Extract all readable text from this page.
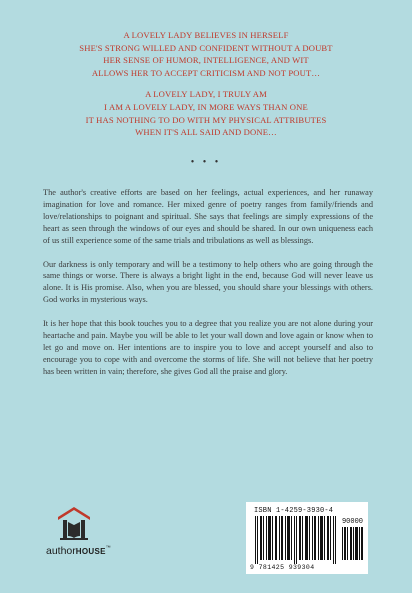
A LOVELY LADY BELIEVES IN HERSELF
SHE'S STRONG WILLED AND CONFIDENT WITHOUT A DOUBT
HER SENSE OF HUMOR, INTELLIGENCE, AND WIT
ALLOWS HER TO ACCEPT CRITICISM AND NOT POUT…

A LOVELY LADY, I TRULY AM
I AM A LOVELY LADY, IN MORE WAYS THAN ONE
IT HAS NOTHING TO DO WITH MY PHYSICAL ATTRIBUTES
WHEN IT'S ALL SAID AND DONE…

• • •

The author's creative efforts are based on her feelings, actual experiences, and her runaway imagination for love and romance. Her mixed genre of poetry ranges from family/friends and love/relationships to poignant and spiritual. She says that feelings are simply expressions of the heart as seen through the windows of our eyes and should be shared. In our own uniqueness each of us still experience some of the same trials and tribulations as well as blessings.

Our darkness is only temporary and will be a testimony to help others who are going through the same things or worse. There is always a bright light in the end, because God will never leave us alone. It is His promise. Also, when you are blessed, you should share your blessings with others. God works in mysterious ways.

It is her hope that this book touches you to a degree that you realize you are not alone during your heartache and pain. Maybe you will be able to let your wall down and love again or know when to let go and move on. Her intentions are to inspire you to love and accept yourself and also to encourage you to cope with and overcome the storms of life. She will not believe that her poetry has been written in vain; therefore, she gives God all the praise and glory.

authorHOUSE™
ISBN 1-4259-3930-4
90000
9 781425 939304
